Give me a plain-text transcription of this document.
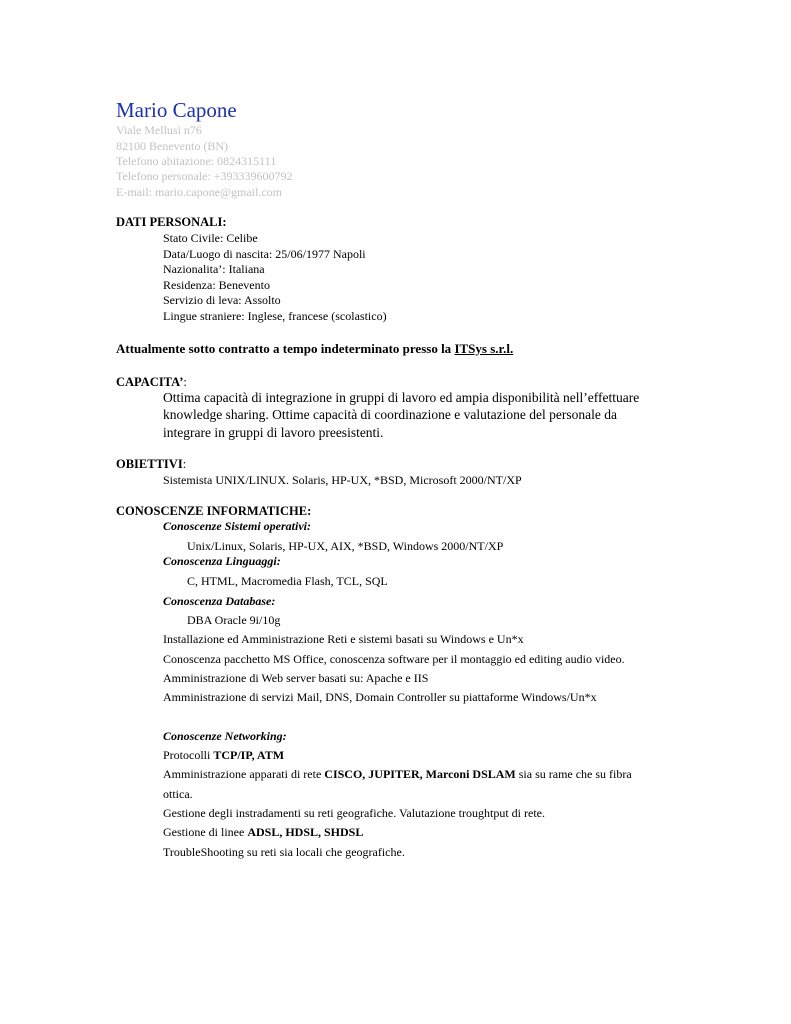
Mario Capone
Viale Mellusi n76
82100 Benevento (BN)
Telefono abitazione: 0824315111
Telefono personale: +393339600792
E-mail: mario.capone@gmail.com
DATI PERSONALI:
Stato Civile: Celibe
Data/Luogo di nascita: 25/06/1977 Napoli
Nazionalita’: Italiana
Residenza: Benevento
Servizio di leva: Assolto
Lingue straniere: Inglese, francese (scolastico)
Attualmente sotto contratto a tempo indeterminato presso la ITSys s.r.l.
CAPACITA’:
Ottima capacità di integrazione in gruppi di lavoro ed ampia disponibilità nell’effettuare
knowledge sharing. Ottime capacità di coordinazione e valutazione del personale da
integrare in gruppi di lavoro preesistenti.
OBIETTIVI:
Sistemista UNIX/LINUX. Solaris, HP-UX, *BSD, Microsoft 2000/NT/XP
CONOSCENZE INFORMATICHE:
Conoscenze Sistemi operativi:
Unix/Linux, Solaris, HP-UX, AIX, *BSD, Windows 2000/NT/XP
Conoscenza Linguaggi:
C, HTML, Macromedia Flash, TCL, SQL
Conoscenza Database:
DBA Oracle 9i/10g
Installazione ed Amministrazione Reti e sistemi basati su Windows e Un*x
Conoscenza pacchetto MS Office, conoscenza software per il montaggio ed editing audio video.
Amministrazione di Web server basati su: Apache e IIS
Amministrazione di servizi Mail, DNS, Domain Controller su piattaforme Windows/Un*x
Conoscenze Networking:
Protocolli TCP/IP, ATM
Amministrazione apparati di rete CISCO, JUPITER, Marconi DSLAM sia su rame che su fibra
ottica.
Gestione degli instradamenti su reti geografiche. Valutazione troughtput di rete.
Gestione di linee ADSL, HDSL, SHDSL
TroubleShooting su reti sia locali che geografiche.
